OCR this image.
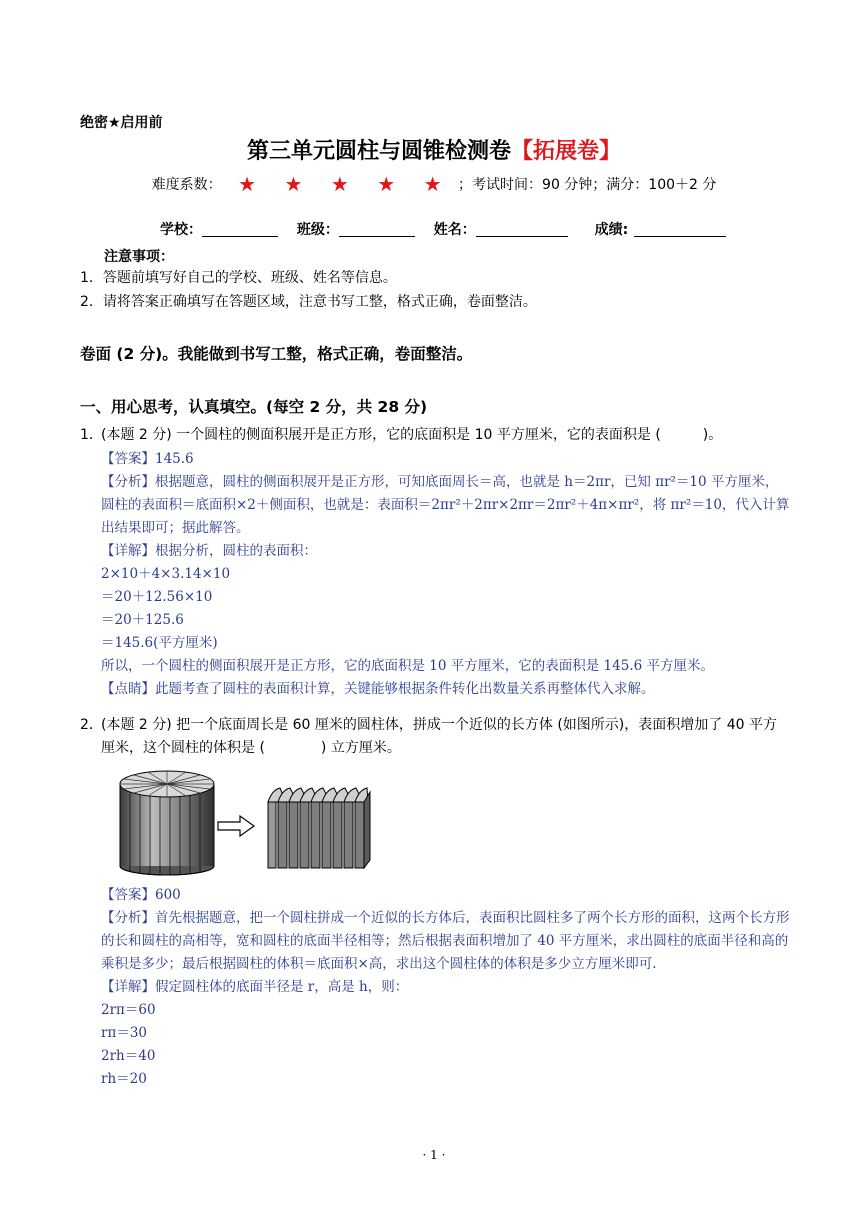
绝密★启用前
第三单元圆柱与圆锥检测卷【拓展卷】
难度系数： ★ ★ ★ ★ ★ ；考试时间：90 分钟；满分：100＋2 分
学校：	班级：	姓名：	成绩:
注意事项：
1．答题前填写好自己的学校、班级、姓名等信息。
2．请将答案正确填写在答题区域，注意书写工整，格式正确，卷面整洁。
卷面 (2 分)。我能做到书写工整，格式正确，卷面整洁。
一、用心思考，认真填空。(每空 2 分，共 28 分)
1．
(本题 2 分) 一个圆柱的侧面积展开是正方形，它的底面积是 10 平方厘米，它的表面积是 (　　　)。
【答案】145.6
【分析】根据题意，圆柱的侧面积展开是正方形，可知底面周长＝高，也就是 h＝2πr，已知 πr²＝10 平方厘米，圆柱的表面积＝底面积×2＋侧面积，也就是：表面积＝2πr²＋2πr×2πr＝2πr²＋4π×πr²，将 πr²＝10，代入计算出结果即可；据此解答。
【详解】根据分析，圆柱的表面积：
2×10＋4×3.14×10
＝20＋12.56×10
＝20＋125.6
＝145.6(平方厘米)
所以，一个圆柱的侧面积展开是正方形，它的底面积是 10 平方厘米，它的表面积是 145.6 平方厘米。
【点睛】此题考查了圆柱的表面积计算，关键能够根据条件转化出数量关系再整体代入求解。
2．
(本题 2 分) 把一个底面周长是 60 厘米的圆柱体，拼成一个近似的长方体 (如图所示)，表面积增加了 40 平方厘米，这个圆柱的体积是 (　　　　) 立方厘米。
【答案】600
【分析】首先根据题意，把一个圆柱拼成一个近似的长方体后，表面积比圆柱多了两个长方形的面积，这两个长方形的长和圆柱的高相等，宽和圆柱的底面半径相等；然后根据表面积增加了 40 平方厘米，求出圆柱的底面半径和高的乘积是多少；最后根据圆柱的体积＝底面积×高，求出这个圆柱体的体积是多少立方厘米即可.
【详解】假定圆柱体的底面半径是 r，高是 h，则：
2rπ＝60
rπ＝30
2rh＝40
rh＝20
· 1 ·
